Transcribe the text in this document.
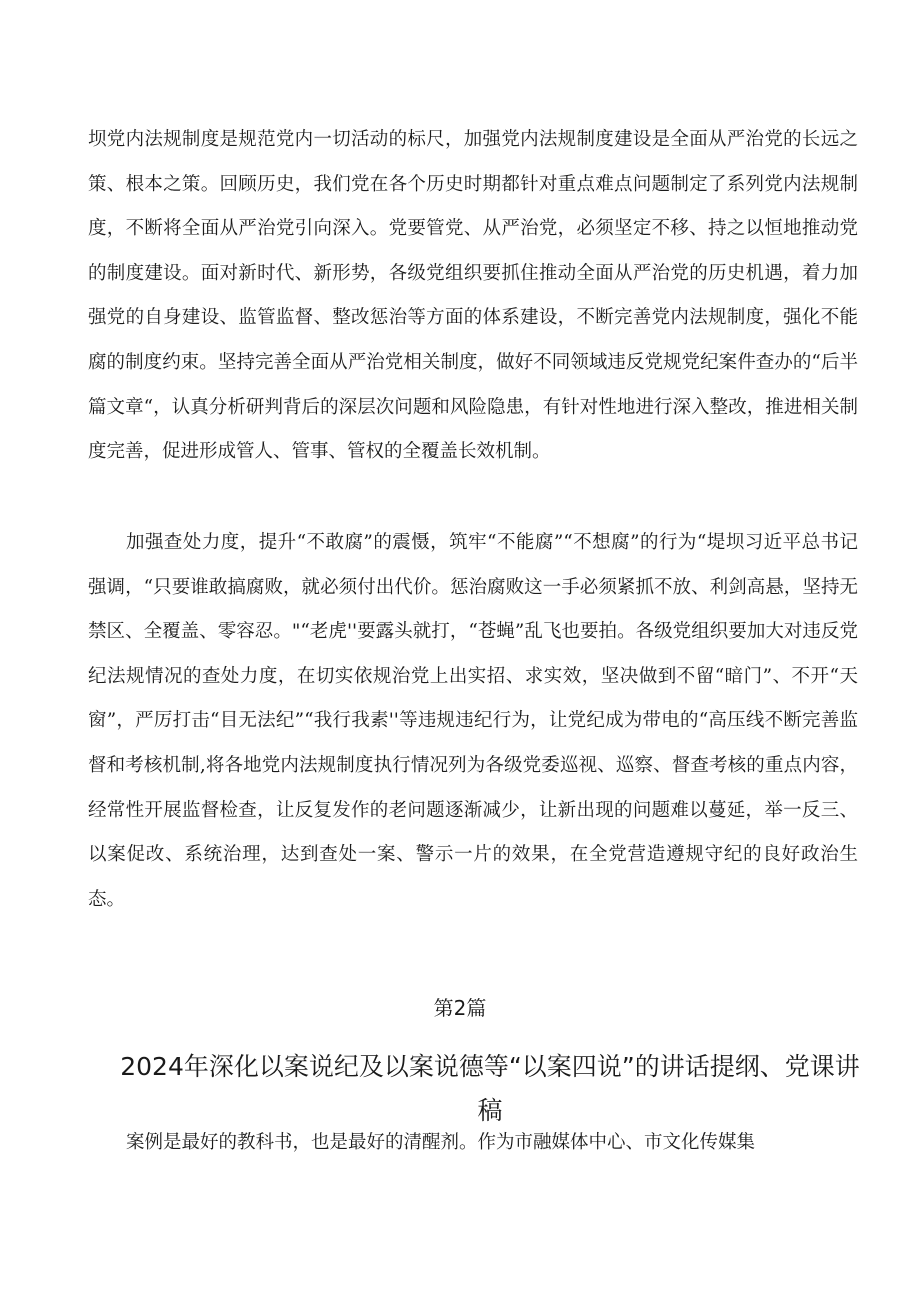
坝党内法规制度是规范党内一切活动的标尺，加强党内法规制度建设是全面从严治党的长远之策、根本之策。回顾历史，我们党在各个历史时期都针对重点难点问题制定了系列党内法规制度，不断将全面从严治党引向深入。党要管党、从严治党，必须坚定不移、持之以恒地推动党的制度建设。面对新时代、新形势，各级党组织要抓住推动全面从严治党的历史机遇，着力加强党的自身建设、监管监督、整改惩治等方面的体系建设，不断完善党内法规制度，强化不能腐的制度约束。坚持完善全面从严治党相关制度，做好不同领域违反党规党纪案件查办的“后半篇文章“，认真分析研判背后的深层次问题和风险隐患，有针对性地进行深入整改，推进相关制度完善，促进形成管人、管事、管权的全覆盖长效机制。

加强查处力度，提升“不敢腐”的震慑，筑牢“不能腐”“不想腐”的行为“堤坝习近平总书记强调，“只要谁敢搞腐败，就必须付出代价。惩治腐败这一手必须紧抓不放、利剑高悬，坚持无禁区、全覆盖、零容忍。"“老虎''要露头就打，“苍蝇”乱飞也要拍。各级党组织要加大对违反党纪法规情况的查处力度，在切实依规治党上出实招、求实效，坚决做到不留“暗门”、不开“天窗”，严厉打击“目无法纪”“我行我素''等违规违纪行为，让党纪成为带电的“高压线不断完善监督和考核机制,将各地党内法规制度执行情况列为各级党委巡视、巡察、督查考核的重点内容，经常性开展监督检查，让反复发作的老问题逐渐减少，让新出现的问题难以蔓延，举一反三、以案促改、系统治理，达到查处一案、警示一片的效果，在全党营造遵规守纪的良好政治生态。

第2篇

2024年深化以案说纪及以案说德等“以案四说”的讲话提纲、党课讲稿

案例是最好的教科书，也是最好的清醒剂。作为市融媒体中心、市文化传媒集
